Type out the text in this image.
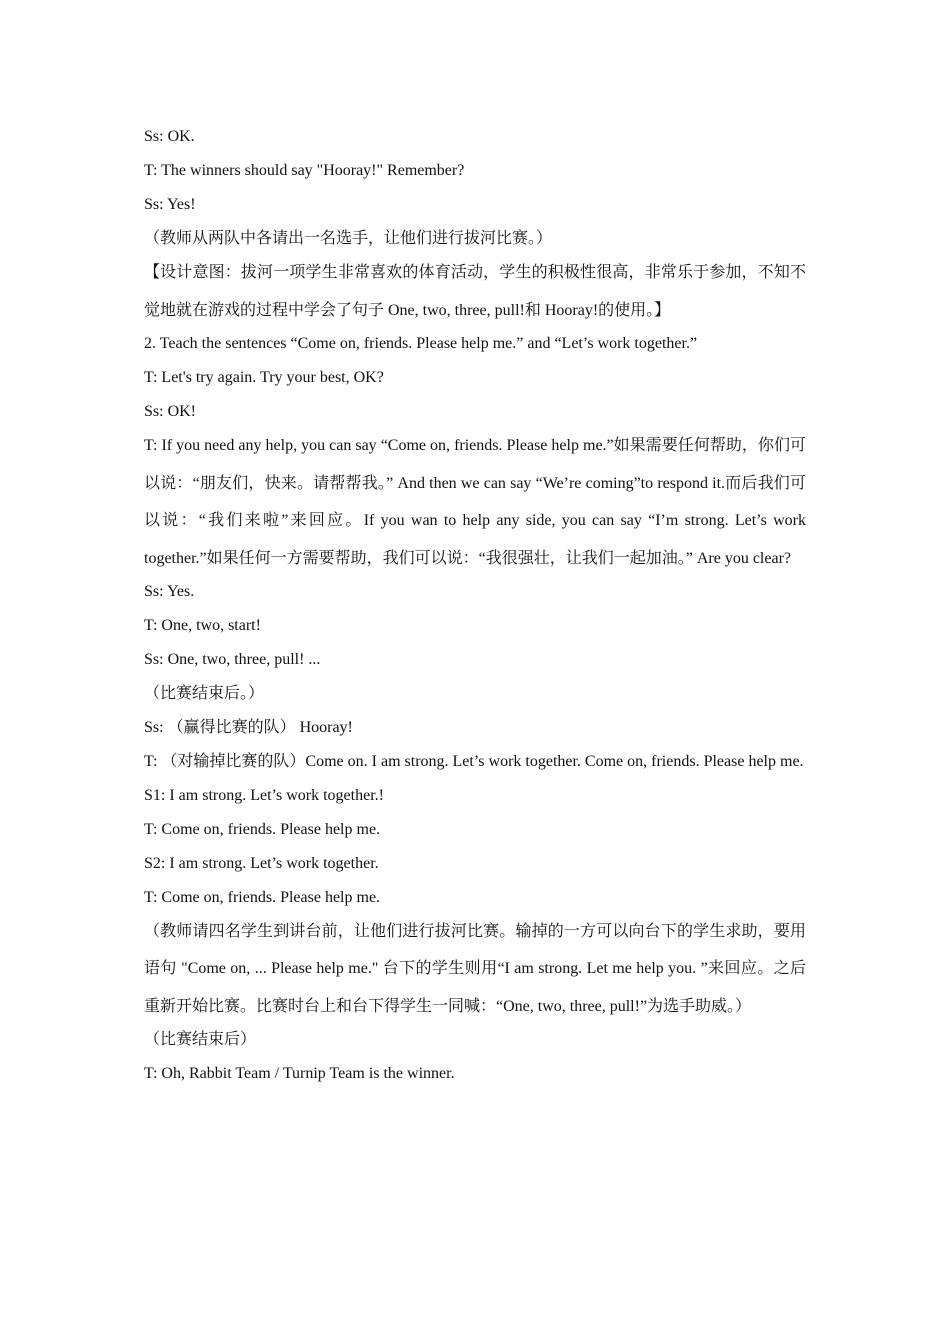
Ss: OK.
T: The winners should say "Hooray!" Remember?
Ss: Yes!
（教师从两队中各请出一名选手，让他们进行拔河比赛。）
【设计意图：拔河一项学生非常喜欢的体育活动，学生的积极性很高，非常乐于参加，不知不觉地就在游戏的过程中学会了句子 One, two, three, pull!和 Hooray!的使用。】
2. Teach the sentences “Come on, friends. Please help me.” and “Let’s work together.”
T: Let's try again. Try your best, OK?
Ss: OK!
T: If you need any help, you can say “Come on, friends. Please help me.”如果需要任何帮助，你们可以说：“朋友们，快来。请帮帮我。” And then we can say “We’re coming”to respond it.而后我们可以说：“我们来啦”来回应。If you wan to help any side, you can say “I’m strong. Let’s work together.”如果任何一方需要帮助，我们可以说：“我很强壮，让我们一起加油。” Are you clear?
Ss: Yes.
T: One, two, start!
Ss: One, two, three, pull! ...
（比赛结束后。）
Ss: （赢得比赛的队） Hooray!
T: （对输掉比赛的队）Come on. I am strong. Let’s work together. Come on, friends. Please help me.
S1: I am strong. Let’s work together.!
T: Come on, friends. Please help me.
S2: I am strong. Let’s work together.
T: Come on, friends. Please help me.
（教师请四名学生到讲台前，让他们进行拔河比赛。输掉的一方可以向台下的学生求助，要用语句 "Come on, ... Please help me." 台下的学生则用“I am strong. Let me help you. ”来回应。之后重新开始比赛。比赛时台上和台下得学生一同喊：“One, two, three, pull!”为选手助威。）
（比赛结束后）
T: Oh, Rabbit Team / Turnip Team is the winner.
